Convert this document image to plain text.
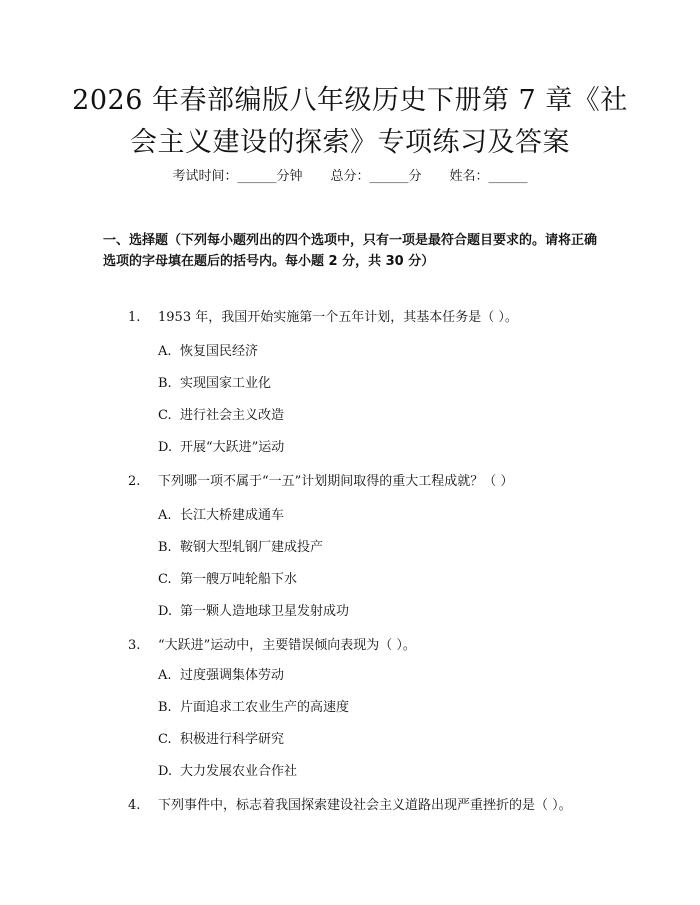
2026 年春部编版八年级历史下册第 7 章《社会主义建设的探索》专项练习及答案
考试时间：______分钟 总分：______分 姓名：______
一、选择题（下列每小题列出的四个选项中，只有一项是最符合题目要求的。请将正确选项的字母填在题后的括号内。每小题 2 分，共 30 分）
1. 1953 年，我国开始实施第一个五年计划，其基本任务是（ ）。
A. 恢复国民经济
B. 实现国家工业化
C. 进行社会主义改造
D. 开展“大跃进”运动
2. 下列哪一项不属于“一五”计划期间取得的重大工程成就？（ ）
A. 长江大桥建成通车
B. 鞍钢大型轧钢厂建成投产
C. 第一艘万吨轮船下水
D. 第一颗人造地球卫星发射成功
3. “大跃进”运动中，主要错误倾向表现为（ ）。
A. 过度强调集体劳动
B. 片面追求工农业生产的高速度
C. 积极进行科学研究
D. 大力发展农业合作社
4. 下列事件中，标志着我国探索建设社会主义道路出现严重挫折的是（ ）。
